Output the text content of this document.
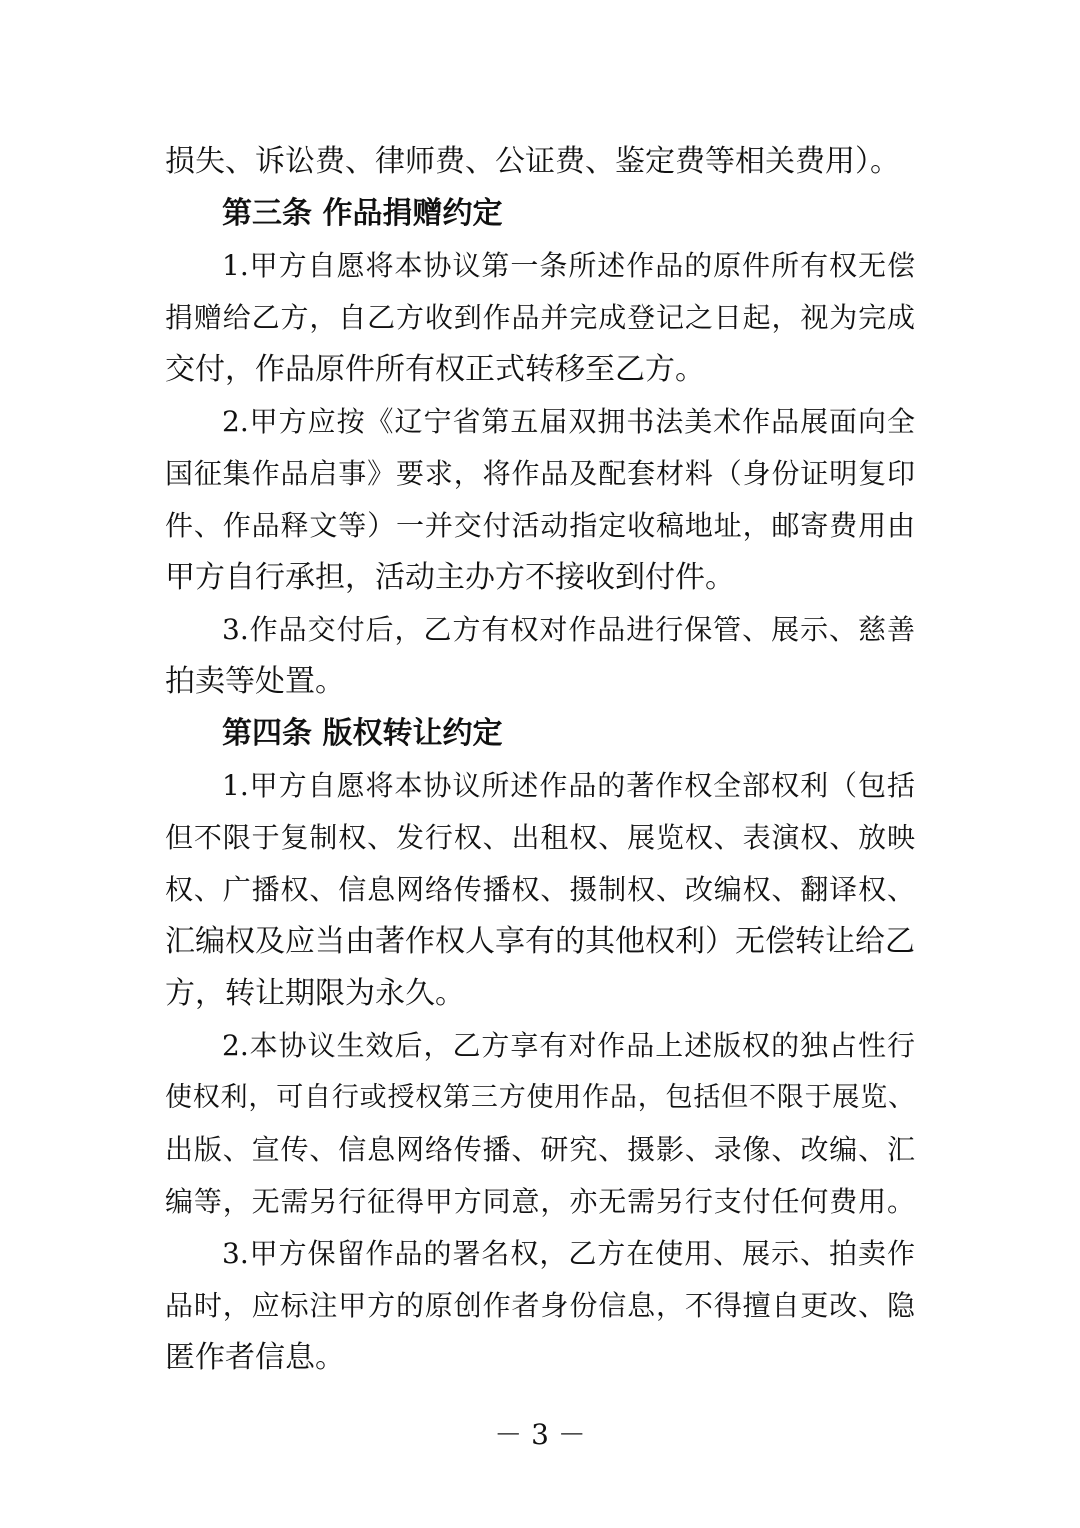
损失、诉讼费、律师费、公证费、鉴定费等相关费用）。

第三条 作品捐赠约定

1.甲方自愿将本协议第一条所述作品的原件所有权无偿

捐赠给乙方，自乙方收到作品并完成登记之日起，视为完成

交付，作品原件所有权正式转移至乙方。

2.甲方应按《辽宁省第五届双拥书法美术作品展面向全

国征集作品启事》要求，将作品及配套材料（身份证明复印

件、作品释文等）一并交付活动指定收稿地址，邮寄费用由

甲方自行承担，活动主办方不接收到付件。

3.作品交付后，乙方有权对作品进行保管、展示、慈善

拍卖等处置。

第四条 版权转让约定

1.甲方自愿将本协议所述作品的著作权全部权利（包括

但不限于复制权、发行权、出租权、展览权、表演权、放映

权、广播权、信息网络传播权、摄制权、改编权、翻译权、

汇编权及应当由著作权人享有的其他权利）无偿转让给乙

方，转让期限为永久。

2.本协议生效后，乙方享有对作品上述版权的独占性行

使权利，可自行或授权第三方使用作品，包括但不限于展览、

出版、宣传、信息网络传播、研究、摄影、录像、改编、汇

编等，无需另行征得甲方同意，亦无需另行支付任何费用。

3.甲方保留作品的署名权，乙方在使用、展示、拍卖作

品时，应标注甲方的原创作者身份信息，不得擅自更改、隐

匿作者信息。

－ 3 －
